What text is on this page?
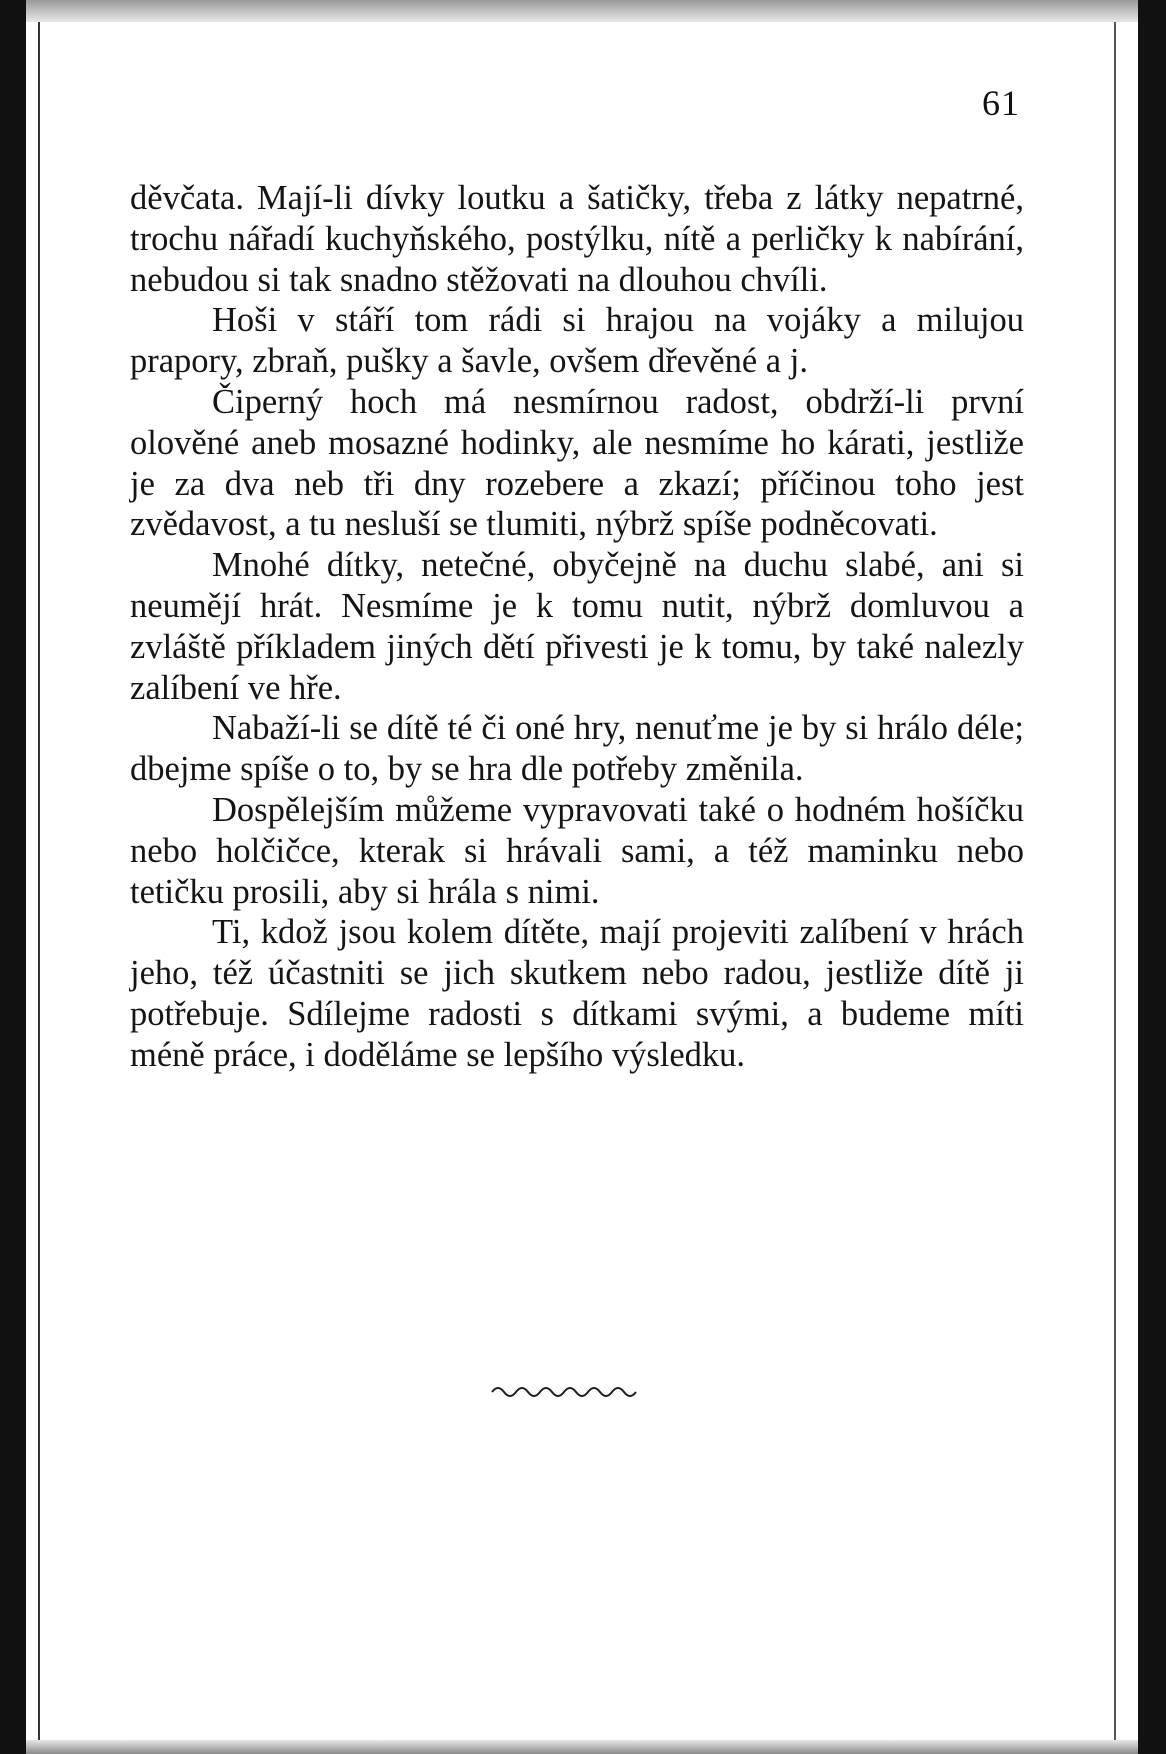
61

děvčata. Mají-li dívky loutku a šatičky, třeba z látky nepatrné, trochu nářadí kuchyňského, postýlku, nítě a perličky k nabírání, nebudou si tak snadno stěžovati na dlouhou chvíli.

Hoši v stáří tom rádi si hrajou na vojáky a milujou prapory, zbraň, pušky a šavle, ovšem dřevěné a j.

Čiperný hoch má nesmírnou radost, obdrží-li první olověné aneb mosazné hodinky, ale nesmíme ho kárati, jestliže je za dva neb tři dny rozebere a zkazí; příčinou toho jest zvědavost, a tu nesluší se tlumiti, nýbrž spíše podněcovati.

Mnohé dítky, netečné, obyčejně na duchu slabé, ani si neumějí hrát. Nesmíme je k tomu nutit, nýbrž domluvou a zvláště příkladem jiných dětí přivesti je k tomu, by také nalezly zalíbení ve hře.

Nabaží-li se dítě té či oné hry, nenuťme je by si hrálo déle; dbejme spíše o to, by se hra dle potřeby změnila.

Dospělejším můžeme vypravovati také o hodném hošíčku nebo holčičce, kterak si hrávali sami, a též maminku nebo tetičku prosili, aby si hrála s nimi.

Ti, kdož jsou kolem dítěte, mají projeviti zalíbení v hrách jeho, též účastniti se jich skutkem nebo radou, jestliže dítě ji potřebuje. Sdílejme radosti s dítkami svými, a budeme míti méně práce, i doděláme se lepšího výsledku.
